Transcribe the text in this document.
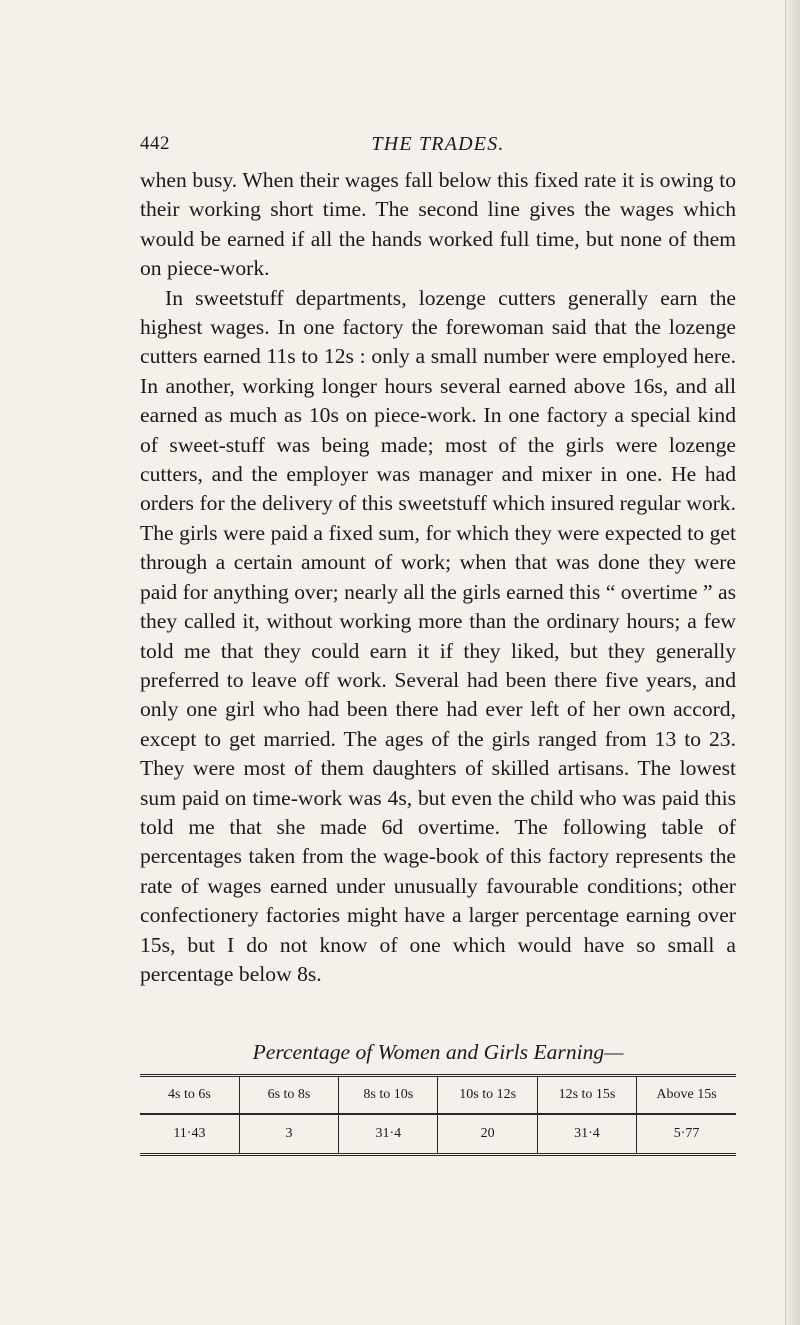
442	THE TRADES.

when busy. When their wages fall below this fixed rate it is owing to their working short time. The second line gives the wages which would be earned if all the hands worked full time, but none of them on piece-work.

In sweetstuff departments, lozenge cutters generally earn the highest wages. In one factory the forewoman said that the lozenge cutters earned 11s to 12s : only a small number were employed here. In another, working longer hours several earned above 16s, and all earned as much as 10s on piece-work. In one factory a special kind of sweet-stuff was being made; most of the girls were lozenge cutters, and the employer was manager and mixer in one. He had orders for the delivery of this sweetstuff which insured regular work. The girls were paid a fixed sum, for which they were expected to get through a certain amount of work; when that was done they were paid for anything over; nearly all the girls earned this “ overtime ” as they called it, without working more than the ordinary hours; a few told me that they could earn it if they liked, but they generally preferred to leave off work. Several had been there five years, and only one girl who had been there had ever left of her own accord, except to get married. The ages of the girls ranged from 13 to 23. They were most of them daughters of skilled artisans. The lowest sum paid on time-work was 4s, but even the child who was paid this told me that she made 6d overtime. The following table of percentages taken from the wage-book of this factory represents the rate of wages earned under unusually favourable conditions; other confectionery factories might have a larger percentage earning over 15s, but I do not know of one which would have so small a percentage below 8s.

Percentage of Women and Girls Earning—
4s to 6s	6s to 8s	8s to 10s	10s to 12s	12s to 15s	Above 15s
11·43	3	31·4	20	31·4	5·77
